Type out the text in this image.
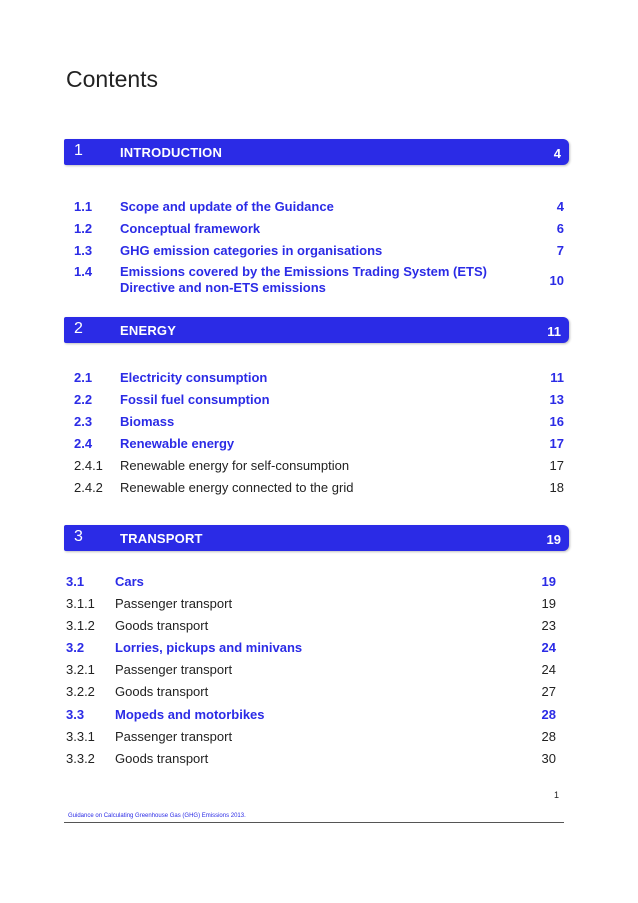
Contents
1	INTRODUCTION	4
1.1 Scope and update of the Guidance	4
1.2 Conceptual framework	6
1.3 GHG emission categories in organisations	7
1.4 Emissions covered by the Emissions Trading System (ETS)
Directive and non-ETS emissions	10
2	ENERGY	11
2.1 Electricity consumption	11
2.2 Fossil fuel consumption	13
2.3 Biomass	16
2.4 Renewable energy	17
2.4.1 Renewable energy for self-consumption	17
2.4.2 Renewable energy connected to the grid	18
3	TRANSPORT	19
3.1 Cars	19
3.1.1 Passenger transport	19
3.1.2 Goods transport	23
3.2 Lorries, pickups and minivans	24
3.2.1 Passenger transport	24
3.2.2 Goods transport	27
3.3 Mopeds and motorbikes	28
3.3.1 Passenger transport	28
3.3.2 Goods transport	30
1
Guidance on Calculating Greenhouse Gas (GHG) Emissions 2013.
